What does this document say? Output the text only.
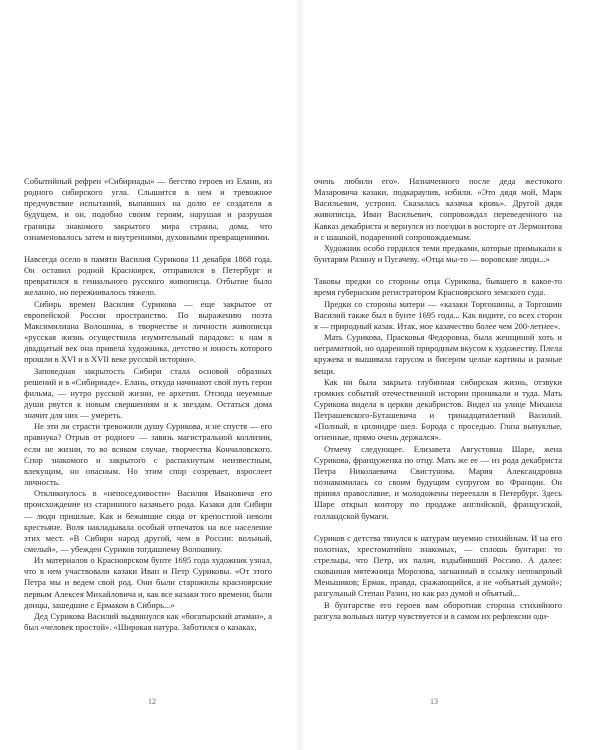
Событийный рефрен «Сибириады» — бегство героев из Елани, из родного сибирского угла. Слышится в нем и тревожное предчувствие испытаний, выпавших на долю ее создателя в будущем, и он, подобно своим героям, нарушая и разрушая границы знакомого закрытого мира страны, дома, что ознаменовалось затем и внутренними, духовными превращениями.

Навсегда осело в памяти Василия Сурикова 11 декабря 1868 года. Он оставил родной Красноярск, отправился в Петербург и превратился в гениального русского живописца. Отбытие было желанно, но пережиивалось тяжело.

Сибирь времен Василия Сурикова — еще закрытое от европейской России пространство. По выражению поэта Максимилиана Волошина, в творчестве и личности живописца «русская жизнь осуществила изумительный парадокс: к нам в двадцатый век она привела художника, детство и юность которого прошли в XVI и в XVII веке русской истории».

Заповедная закрытость Сибири стала основой образных решений и в «Сибириаде». Елань, откуда начинают свой путь герои фильма, — нутро русской жизни, ее архетип. Отсюда неуемные души рвутся к новым свершениям и к звездам. Остаться дома значит для них — умереть.

Не эти ли страсти тревожили душу Сурикова, и не спустя — его правнука? Отрыв от родного — завязь магистральной коллизии, если не жизни, то во всяком случае, творчества Кончаловского. Спор знакомого и закрытого с распахнутым неизвестным, влекущим, но опасным. Но этим спор созревает, взрослеет личность.

Откликнулось в «непоседливости» Василия Ивановича его происхождение из старинного казачьего рода. Казаки для Сибири — люди пришлые. Как и бежавшие сюда от крепостной неволи крестьяне. Воля накладывала особый отпечаток на все население этих мест. «В Сибири народ другой, чем в России: вольный, смелый», — убежден Суриков тогдашнему Волошину.

Из материалов о Красноярском бунте 1695 года художник узнал, что в нем участвовали казаки Иван и Петр Суриковы. «От этого Петра мы и ведем свой род. Они были старожилы красноярские первым Алексея Михайловича и, как все казаки того времени, были донцы, зашедшие с Ермаком в Сибирь...»

Дед Сурикова Василий выдвинулся как «богатырский атаман», а был «человек простой». «Широкая натура. Заботился о казаках,

12

очень любили его». Назначенного после деда жестокого Мазаровича казаки, подкараулив, избили. «Это дядя мой, Марк Васильевич, устроил. Сказалась казачья кровь». Другой дядя живописца, Иван Васильевич, сопровождал переведенного на Кавказ декабриста и вернулся из поездки в восторге от Лермонтова и с шашкой, подаренной сопровождаемым.

Художник особо гордился теми предками, которые примыкали к бунтарям Разину и Пугачеву. «Отца мы-то — воровские люди...»

Таковы предки со стороны отца Сурикова, бывшего в какое-то время губернским регистратором Красноярского земского суда.

Предки со стороны матери — «казаки Торгошины, а Торгошин Василий также был в бунте 1695 года... Как видите, со всех сторон я — природный казак. Итак, мое казачество более чем 200-летнее».

Мать Сурикова, Прасковья Федоровна, была женщиной хоть и неграмотной, но одаренной природным вкусом к художеству. Плела кружева и вышивала гарусом и бисером целые картины и разные вещи.

Как ни была закрыта глубинная сибирская жизнь, отзвуки громких событий отечественной истории проникали и туда. Мать Сурикова видела в церкви декабристов. Видел на улице Михаила Петрашевского-Буташевича и тринадцатилетний Василий. «Полный, в цилиндре шел. Борода с проседью. Глаза выпуклые, огненные, прямо очень держался».

Отмечу следующее. Елизавета Августовна Шаре, жена Сурикова, француженка по отцу. Мать же ее — из рода декабриста Петра Николаевича Свистунова. Мария Александровна познакомилась со своим будущим супругом во Франции. Он принял православие, и молодожены переехали в Петербург. Здесь Шаре открыл контору по продаже английской, французской, голландской бумаги.

Суриков с детства тянулся к натурам неуемно стихийным. И на его полотнах, хрестоматийно знакомых, — сплошь бунтари: то стрельцы, что Петр, их палач, вздыбивший Россию. А далее: скованная мятежница Морозова, загнанный в ссылку непокорный Меньшиков; Ермак, правда, сражающийся, а не «объятый думой»; разгульный Степан Разин, но как раз думой и объятый...

В бунтарстве его героев вам оборотная сторона стихийного разгула вольных натур чувствуется и в самом их рефлексии оди-

13
